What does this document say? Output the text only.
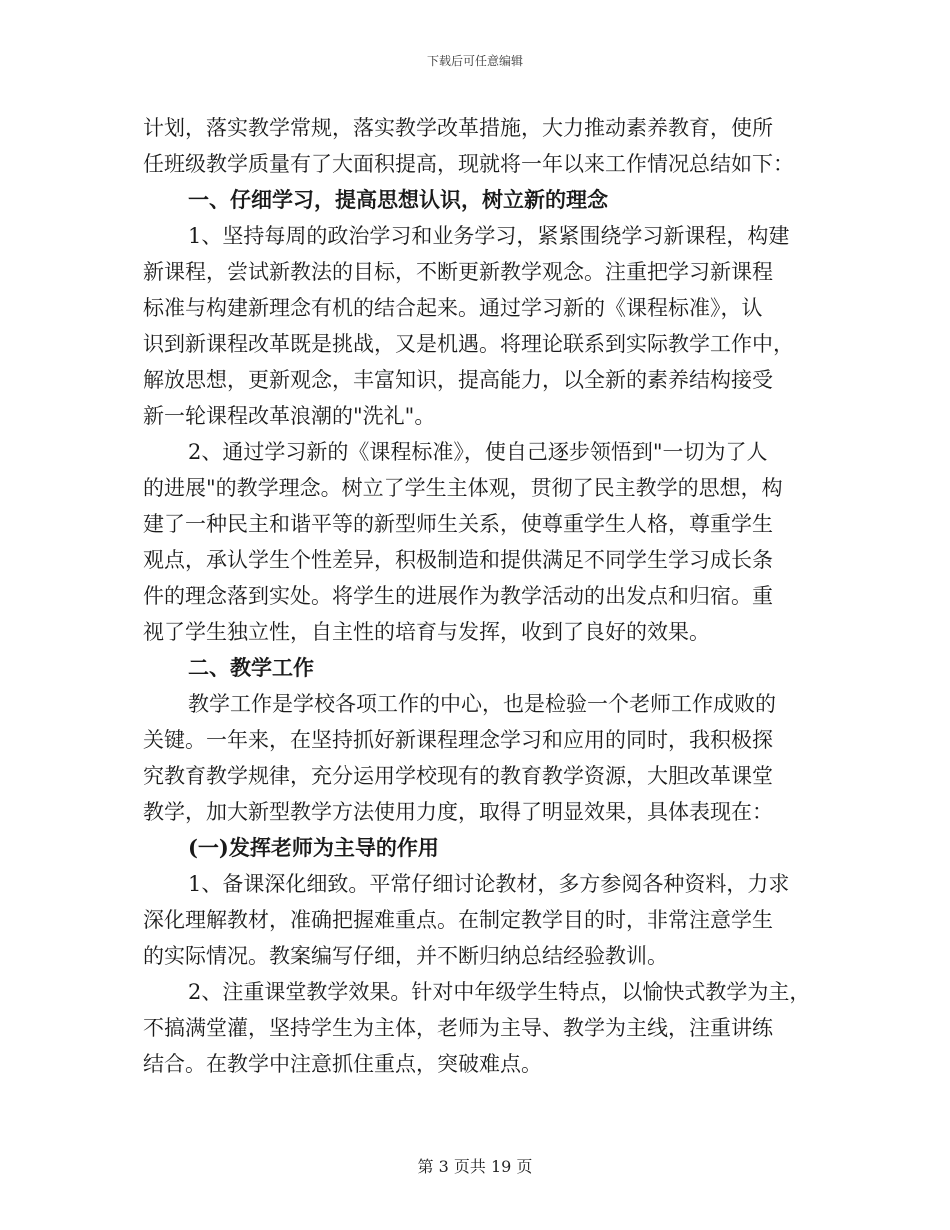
下载后可任意编辑
计划，落实教学常规，落实教学改革措施，大力推动素养教育，使所
任班级教学质量有了大面积提高，现就将一年以来工作情况总结如下：
一、仔细学习，提高思想认识，树立新的理念
1、坚持每周的政治学习和业务学习，紧紧围绕学习新课程，构建
新课程，尝试新教法的目标，不断更新教学观念。注重把学习新课程
标准与构建新理念有机的结合起来。通过学习新的《课程标准》，认
识到新课程改革既是挑战，又是机遇。将理论联系到实际教学工作中，
解放思想，更新观念，丰富知识，提高能力，以全新的素养结构接受
新一轮课程改革浪潮的"洗礼"。
2、通过学习新的《课程标准》，使自己逐步领悟到"一切为了人
的进展"的教学理念。树立了学生主体观，贯彻了民主教学的思想，构
建了一种民主和谐平等的新型师生关系，使尊重学生人格，尊重学生
观点，承认学生个性差异，积极制造和提供满足不同学生学习成长条
件的理念落到实处。将学生的进展作为教学活动的出发点和归宿。重
视了学生独立性，自主性的培育与发挥，收到了良好的效果。
二、教学工作
教学工作是学校各项工作的中心，也是检验一个老师工作成败的
关键。一年来，在坚持抓好新课程理念学习和应用的同时，我积极探
究教育教学规律，充分运用学校现有的教育教学资源，大胆改革课堂
教学，加大新型教学方法使用力度，取得了明显效果，具体表现在：
(一)发挥老师为主导的作用
1、备课深化细致。平常仔细讨论教材，多方参阅各种资料，力求
深化理解教材，准确把握难重点。在制定教学目的时，非常注意学生
的实际情况。教案编写仔细，并不断归纳总结经验教训。
2、注重课堂教学效果。针对中年级学生特点，以愉快式教学为主，
不搞满堂灌，坚持学生为主体，老师为主导、教学为主线，注重讲练
结合。在教学中注意抓住重点，突破难点。
第 3 页共 19 页
